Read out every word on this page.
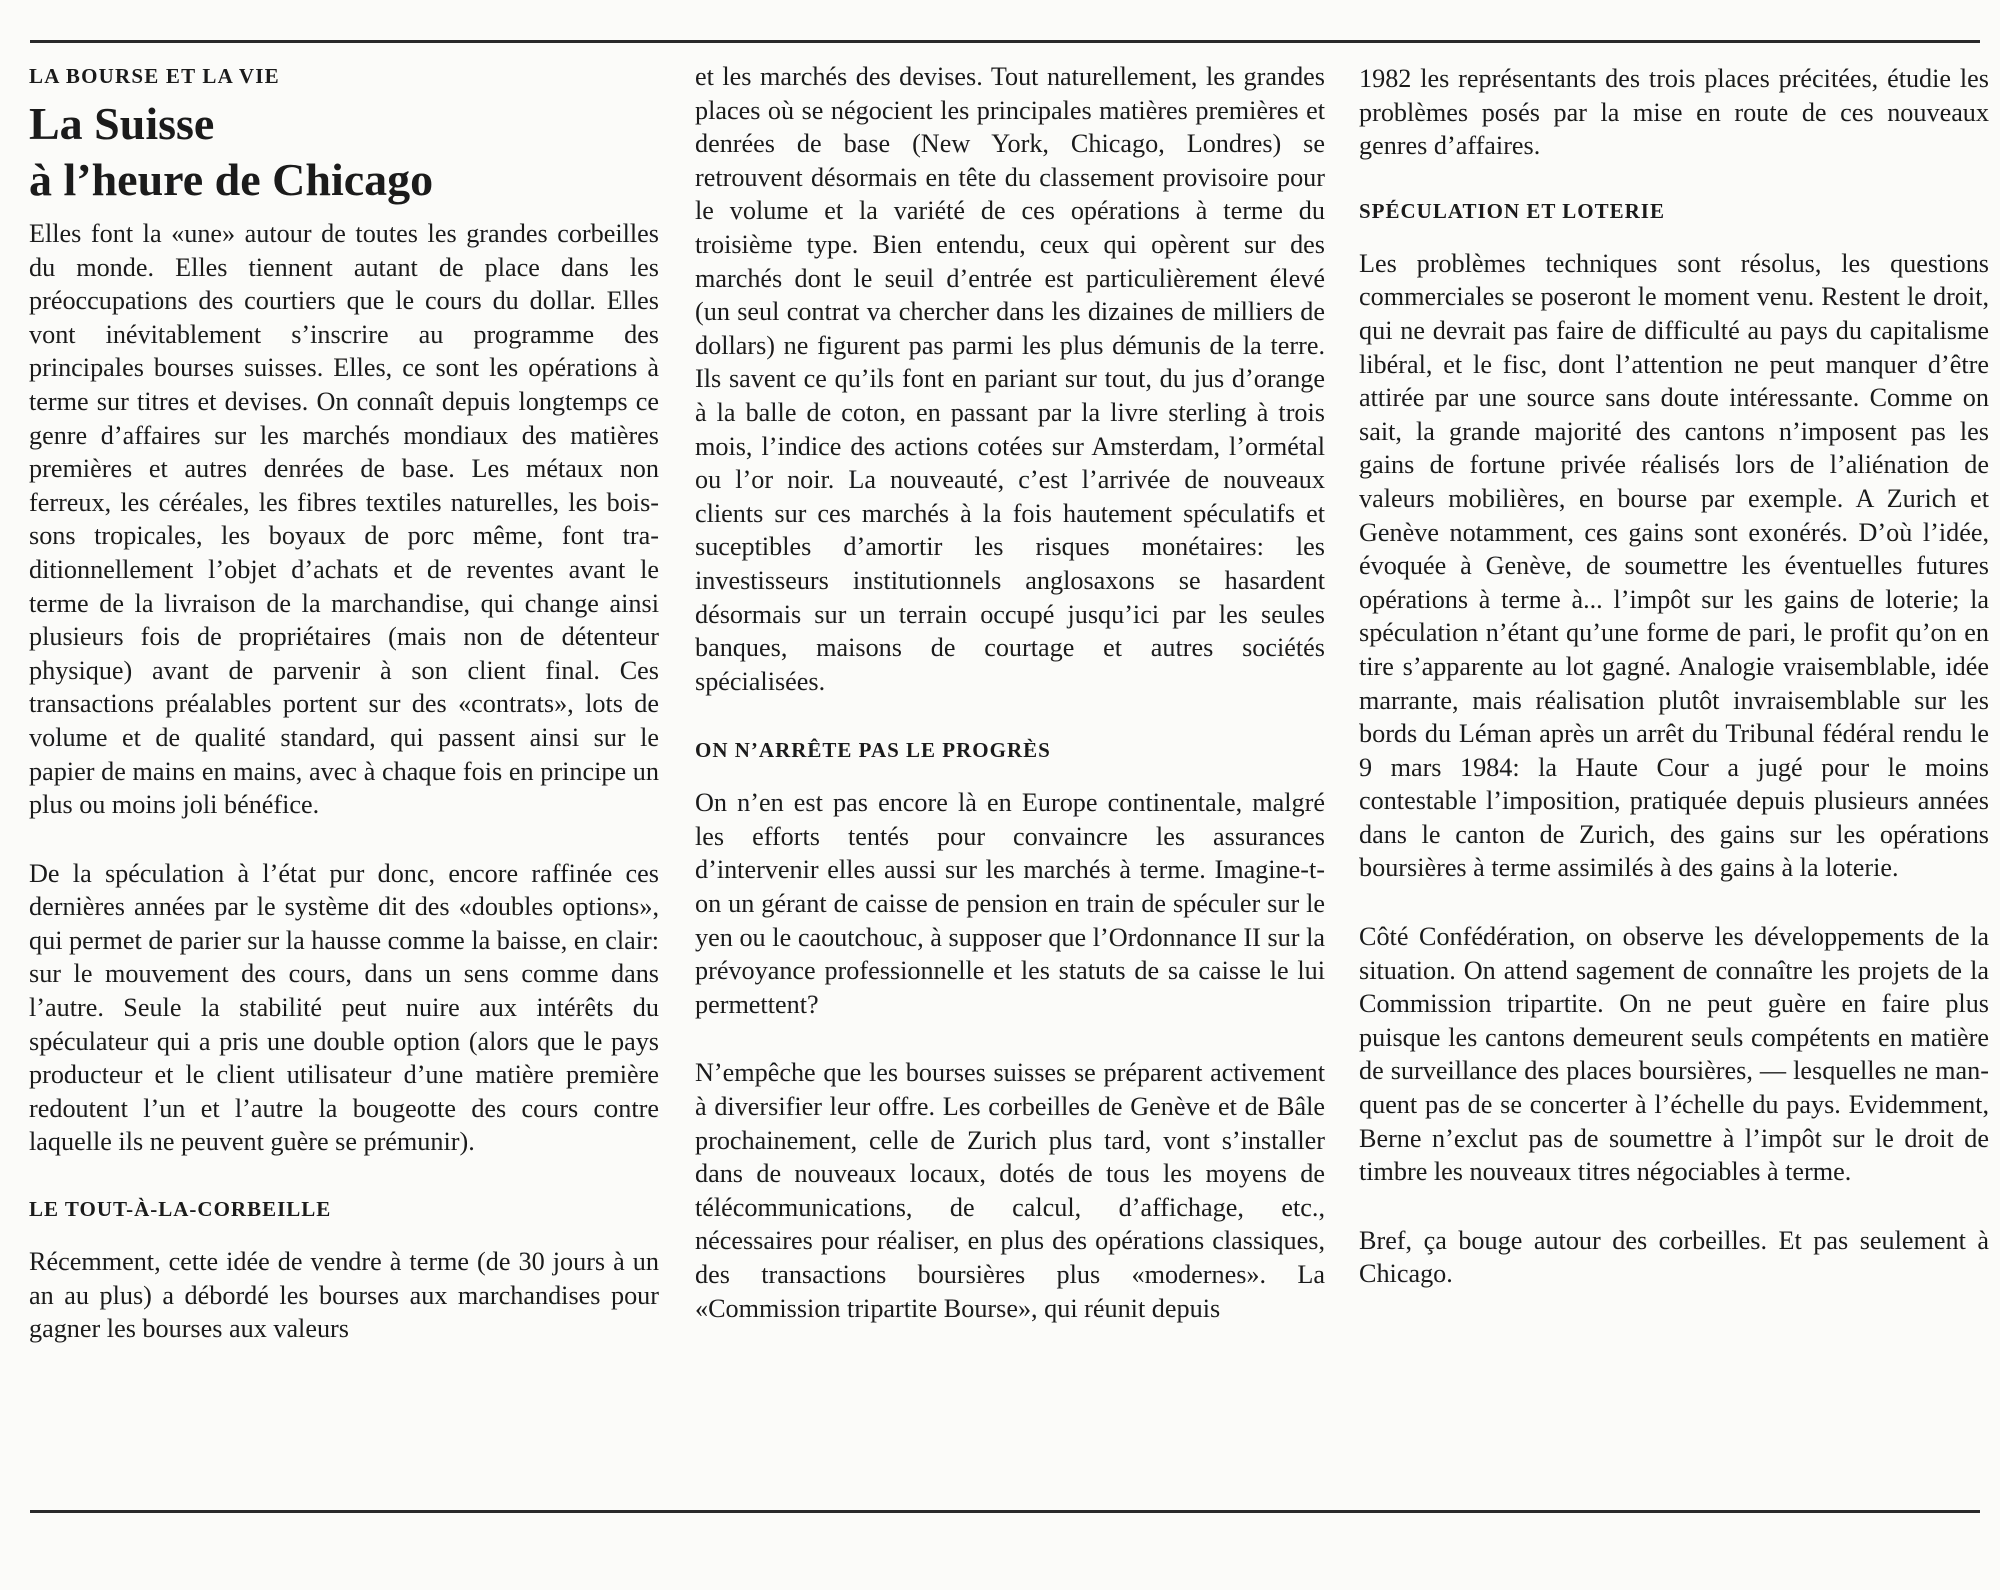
LA BOURSE ET LA VIE
La Suisse
à l’heure de Chicago

Elles font la «une» autour de toutes les grandes corbeilles du monde. Elles tiennent autant de place dans les préoccupations des courtiers que le cours du dollar. Elles vont inévitablement s’inscrire au programme des principales bourses suisses. Elles, ce sont les opérations à terme sur titres et devises. On connaît depuis longtemps ce genre d’affaires sur les marchés mondiaux des matières premières et autres denrées de base. Les métaux non ferreux, les céréales, les fibres textiles naturelles, les boissons tropicales, les boyaux de porc même, font traditionnellement l’objet d’achats et de reventes avant le terme de la livraison de la marchandise, qui change ainsi plusieurs fois de propriétaires (mais non de détenteur physique) avant de parvenir à son client final. Ces transactions préalables portent sur des «contrats», lots de volume et de qualité standard, qui passent ainsi sur le papier de mains en mains, avec à chaque fois en principe un plus ou moins joli bénéfice.

De la spéculation à l’état pur donc, encore raffinée ces dernières années par le système dit des «doubles options», qui permet de parier sur la hausse comme la baisse, en clair: sur le mouvement des cours, dans un sens comme dans l’autre. Seule la stabilité peut nuire aux intérêts du spéculateur qui a pris une double option (alors que le pays producteur et le client utilisateur d’une matière première redoutent l’un et l’autre la bougeotte des cours contre laquelle ils ne peuvent guère se prémunir).

LE TOUT-À-LA-CORBEILLE

Récemment, cette idée de vendre à terme (de 30 jours à un an au plus) a débordé les bourses aux marchandises pour gagner les bourses aux valeurs

et les marchés des devises. Tout naturellement, les grandes places où se négocient les principales matières premières et denrées de base (New York, Chicago, Londres) se retrouvent désormais en tête du classement provisoire pour le volume et la variété de ces opérations à terme du troisième type. Bien entendu, ceux qui opèrent sur des marchés dont le seuil d’entrée est particulièrement élevé (un seul contrat va chercher dans les dizaines de milliers de dollars) ne figurent pas parmi les plus démunis de la terre. Ils savent ce qu’ils font en pariant sur tout, du jus d’orange à la balle de coton, en passant par la livre sterling à trois mois, l’indice des actions cotées sur Amsterdam, l’ormétal ou l’or noir. La nouveauté, c’est l’arrivée de nouveaux clients sur ces marchés à la fois hautement spéculatifs et suceptibles d’amortir les risques monétaires: les investisseurs institutionnels anglosaxons se hasardent désormais sur un terrain occupé jusqu’ici par les seules banques, maisons de courtage et autres sociétés spécialisées.

ON N’ARRÊTE PAS LE PROGRÈS

On n’en est pas encore là en Europe continentale, malgré les efforts tentés pour convaincre les assurances d’intervenir elles aussi sur les marchés à terme. Imagine-t-on un gérant de caisse de pension en train de spéculer sur le yen ou le caoutchouc, à supposer que l’Ordonnance II sur la prévoyance professionnelle et les statuts de sa caisse le lui permettent?

N’empêche que les bourses suisses se préparent activement à diversifier leur offre. Les corbeilles de Genève et de Bâle prochainement, celle de Zurich plus tard, vont s’installer dans de nouveaux locaux, dotés de tous les moyens de télécommunications, de calcul, d’affichage, etc., nécessaires pour réaliser, en plus des opérations classiques, des transactions boursières plus «modernes». La «Commission tripartite Bourse», qui réunit depuis

1982 les représentants des trois places précitées, étudie les problèmes posés par la mise en route de ces nouveaux genres d’affaires.

SPÉCULATION ET LOTERIE

Les problèmes techniques sont résolus, les questions commerciales se poseront le moment venu. Restent le droit, qui ne devrait pas faire de difficulté au pays du capitalisme libéral, et le fisc, dont l’attention ne peut manquer d’être attirée par une source sans doute intéressante. Comme on sait, la grande majorité des cantons n’imposent pas les gains de fortune privée réalisés lors de l’aliénation de valeurs mobilières, en bourse par exemple. A Zurich et Genève notamment, ces gains sont exonérés. D’où l’idée, évoquée à Genève, de soumettre les éventuelles futures opérations à terme à... l’impôt sur les gains de loterie; la spéculation n’étant qu’une forme de pari, le profit qu’on en tire s’apparente au lot gagné. Analogie vraisemblable, idée marrante, mais réalisation plutôt invraisemblable sur les bords du Léman après un arrêt du Tribunal fédéral rendu le 9 mars 1984: la Haute Cour a jugé pour le moins contestable l’imposition, pratiquée depuis plusieurs années dans le canton de Zurich, des gains sur les opérations boursières à terme assimilés à des gains à la loterie.

Côté Confédération, on observe les développements de la situation. On attend sagement de connaître les projets de la Commission tripartite. On ne peut guère en faire plus puisque les cantons demeurent seuls compétents en matière de surveillance des places boursières, — lesquelles ne manquent pas de se concerter à l’échelle du pays. Evidemment, Berne n’exclut pas de soumettre à l’impôt sur le droit de timbre les nouveaux titres négociables à terme.

Bref, ça bouge autour des corbeilles. Et pas seulement à Chicago.
